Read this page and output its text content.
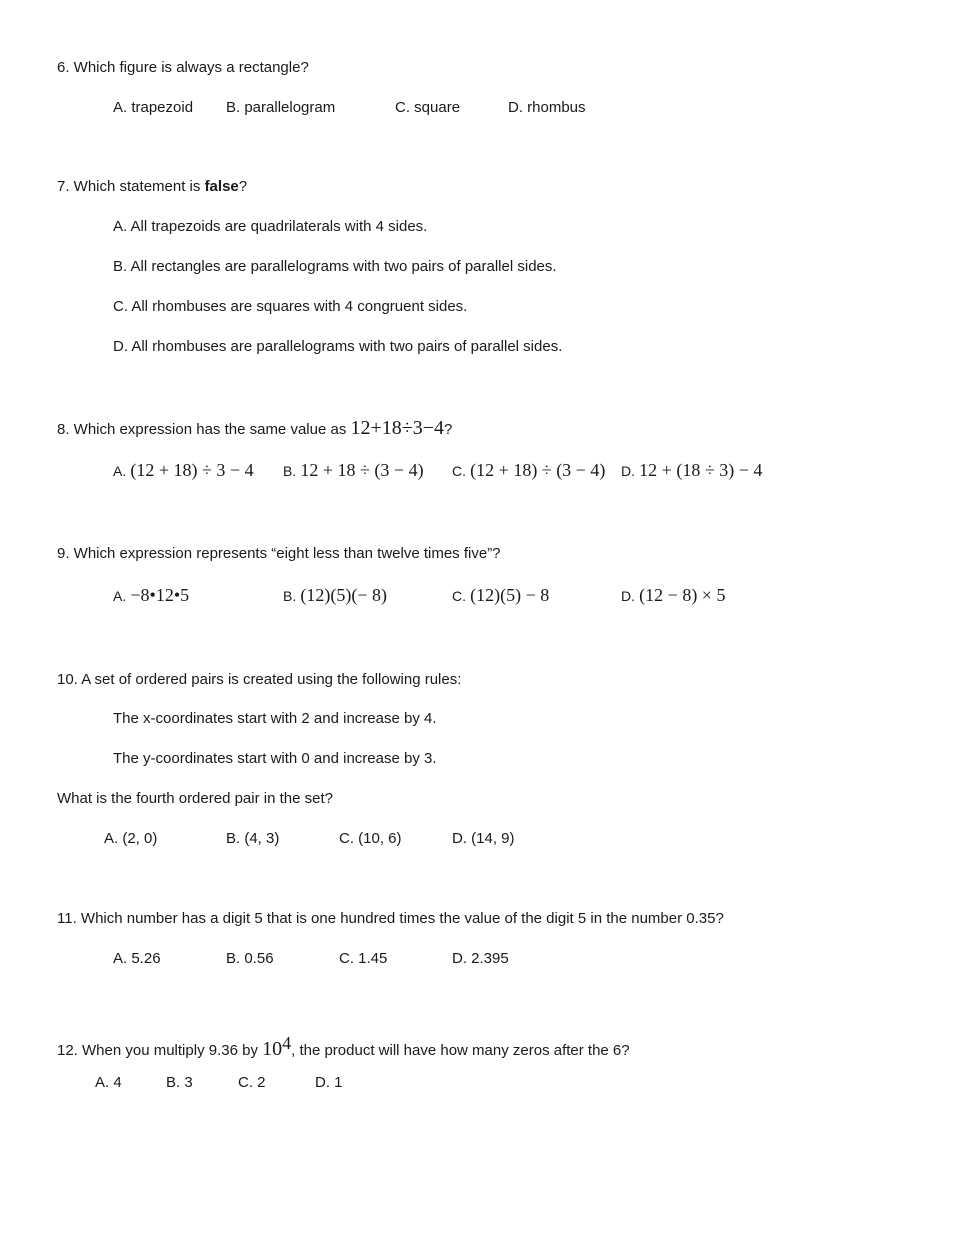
6. Which figure is always a rectangle?
A. trapezoid B. parallelogram	C. square	D. rhombus
7. Which statement is false?
A. All trapezoids are quadrilaterals with 4 sides.
B. All rectangles are parallelograms with two pairs of parallel sides.
C. All rhombuses are squares with 4 congruent sides.
D. All rhombuses are parallelograms with two pairs of parallel sides.
8. Which expression has the same value as 12+18÷3−4?
A. (12 + 18) ÷ 3 − 4 B. 12 + 18 ÷ (3 − 4) C. (12 + 18) ÷ (3 − 4) D. 12 + (18 ÷ 3) − 4
9. Which expression represents “eight less than twelve times five”?
A. −8•12•5	B. (12)(5)(− 8)	C. (12)(5) − 8	D. (12 − 8) × 5
10. A set of ordered pairs is created using the following rules:
The x-coordinates start with 2 and increase by 4.
The y-coordinates start with 0 and increase by 3.
What is the fourth ordered pair in the set?
A. (2, 0)	B. (4, 3)	C. (10, 6)	D. (14, 9)
11. Which number has a digit 5 that is one hundred times the value of the digit 5 in the number 0.35?
A. 5.26	B. 0.56	C. 1.45	D. 2.395
12. When you multiply 9.36 by $10^4$, the product will have how many zeros after the 6?
A. 4	B. 3	C. 2	D. 1
